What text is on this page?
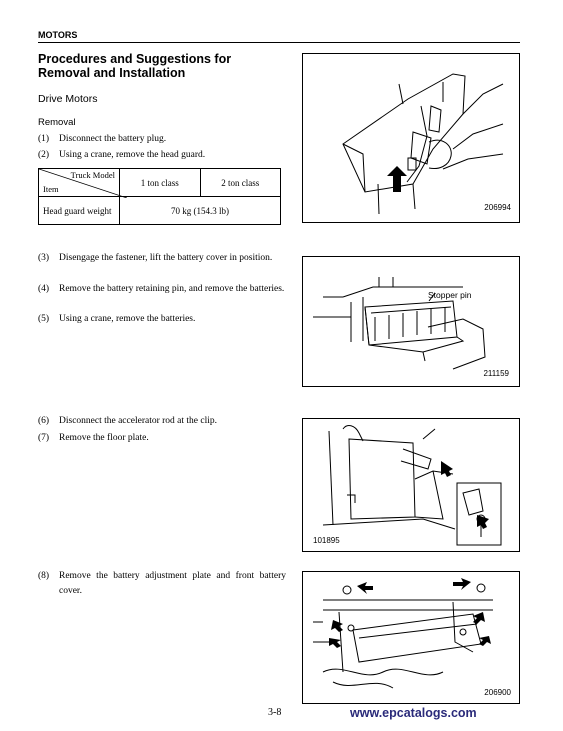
MOTORS
Procedures and Suggestions for
Removal and Installation
Drive Motors
Removal
(1) Disconnect the battery plug.
(2) Using a crane, remove the head guard.
Truck Model
Item	1 ton class	2 ton class
Head guard weight	70 kg (154.3 lb)	
(3) Disengage the fastener, lift the battery cover in position.
(4) Remove the battery retaining pin, and remove the batteries.
(5) Using a crane, remove the batteries.
(6) Disconnect the accelerator rod at the clip.
(7) Remove the floor plate.
(8) Remove the battery adjustment plate and front battery cover.
206994
Stopper pin
211159
101895
206900
3-8	www.epcatalogs.com
